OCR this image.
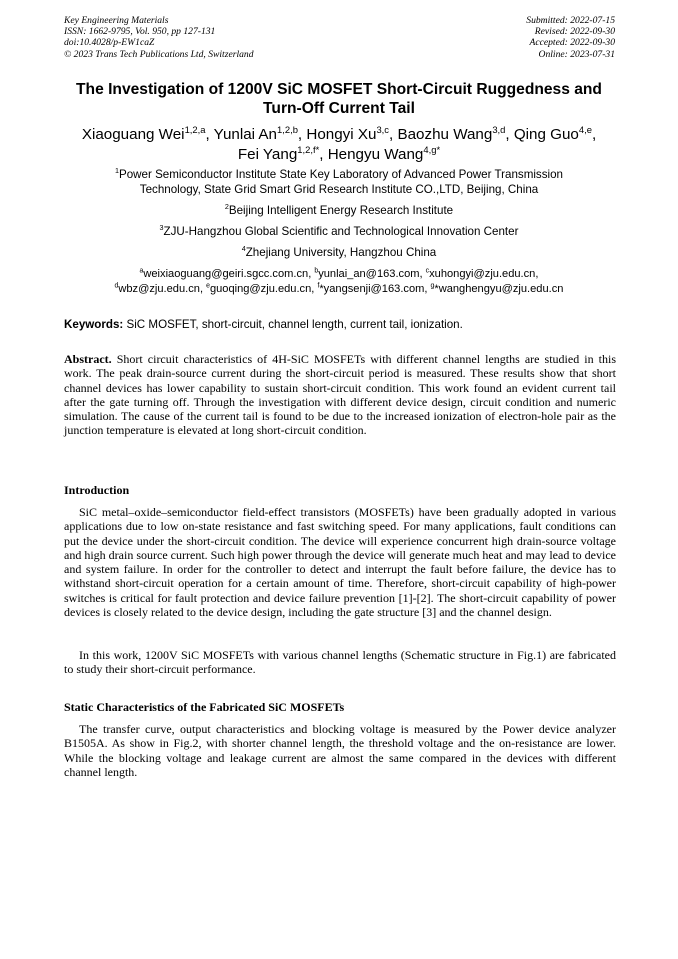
Key Engineering Materials
ISSN: 1662-9795, Vol. 950, pp 127-131
doi:10.4028/p-EW1caZ
© 2023 Trans Tech Publications Ltd, Switzerland
Submitted: 2022-07-15
Revised: 2022-09-30
Accepted: 2022-09-30
Online: 2023-07-31
The Investigation of 1200V SiC MOSFET Short-Circuit Ruggedness and
Turn-Off Current Tail
Xiaoguang Wei$^{1,2,a}$, Yunlai An$^{1,2,b}$, Hongyi Xu$^{3,c}$, Baozhu Wang$^{3,d}$, Qing Guo$^{4,e}$,
Fei Yang$^{1,2,f*}$, Hengyu Wang$^{4,g*}$
$^1$Power Semiconductor Institute State Key Laboratory of Advanced Power Transmission
Technology, State Grid Smart Grid Research Institute CO.,LTD, Beijing, China
$^2$Beijing Intelligent Energy Research Institute
$^3$ZJU-Hangzhou Global Scientific and Technological Innovation Center
$^4$Zhejiang University, Hangzhou China
$^a$weixiaoguang@geiri.sgcc.com.cn, $^b$yunlai_an@163.com, $^c$xuhongyi@zju.edu.cn,
$^d$wbz@zju.edu.cn, $^e$guoqing@zju.edu.cn, $^f$*yangsenji@163.com, $^g$*wanghengyu@zju.edu.cn
Keywords: SiC MOSFET, short-circuit, channel length, current tail, ionization.
Abstract. Short circuit characteristics of 4H-SiC MOSFETs with different channel lengths are studied in this work. The peak drain-source current during the short-circuit period is measured. These results show that short channel devices has lower capability to sustain short-circuit condition. This work found an evident current tail after the gate turning off. Through the investigation with different device design, circuit condition and numeric simulation. The cause of the current tail is found to be due to the increased ionization of electron-hole pair as the junction temperature is elevated at long short-circuit condition.
Introduction
SiC metal–oxide–semiconductor field-effect transistors (MOSFETs) have been gradually adopted in various applications due to low on-state resistance and fast switching speed. For many applications, fault conditions can put the device under the short-circuit condition. The device will experience concurrent high drain-source voltage and high drain source current. Such high power through the device will generate much heat and may lead to device and system failure. In order for the controller to detect and interrupt the fault before failure, the device has to withstand short-circuit operation for a certain amount of time. Therefore, short-circuit capability of high-power switches is critical for fault protection and device failure prevention [1]-[2]. The short-circuit capability of power devices is closely related to the device design, including the gate structure [3] and the channel design.
In this work, 1200V SiC MOSFETs with various channel lengths (Schematic structure in Fig.1) are fabricated to study their short-circuit performance.
Static Characteristics of the Fabricated SiC MOSFETs
The transfer curve, output characteristics and blocking voltage is measured by the Power device analyzer B1505A. As show in Fig.2, with shorter channel length, the threshold voltage and the on-resistance are lower. While the blocking voltage and leakage current are almost the same compared in the devices with different channel length.
